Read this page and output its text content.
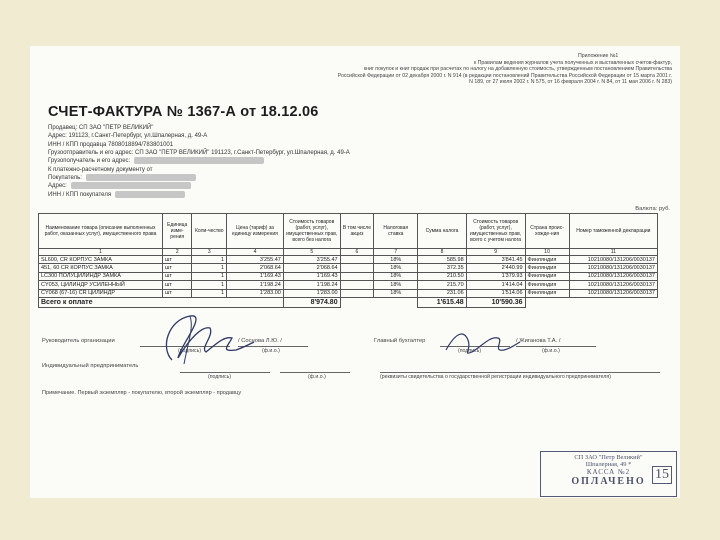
Приложение №1
к Правилам ведения журналов учета полученных и выставленных счетов-фактур,
книг покупок и книг продаж при расчетах по налогу на добавленную стоимость, утвержденным постановлением Правительства
Российской Федерации от 02 декабря 2000 г. N 914 (в редакции постановлений Правительства Российской Федерации от 15 марта 2001 г.
N 189, от 27 июля 2002 г. N 575, от 16 февраля 2004 г. N 84, от 11 мая 2006 г. N 283)
СЧЕТ-ФАКТУРА № 1367-А от 18.12.06
Продавец: СП ЗАО "ПЕТР ВЕЛИКИЙ"
Адрес: 191123, г.Санкт-Петербург, ул.Шпалерная, д. 49-А
ИНН / КПП продавца 7808018894/783801001
Грузоотправитель и его адрес: СП ЗАО "ПЕТР ВЕЛИКИЙ" 191123, г.Санкт-Петербург, ул.Шпалерная, д. 49-А
Грузополучатель и его адрес:
К платежно-расчетному документу от
Покупатель:
Адрес:
ИНН / КПП покупателя
Валюта: руб.
Наименование товара (описание выполненных работ, оказанных услуг), имущественного права	Единица изме-рения	Коли-чество	Цена (тариф) за единицу измерения	Стоимость товаров (работ, услуг), имущественных прав, всего без налога	В том числе акциз	Налоговая ставка	Сумма налога	Стоимость товаров (работ, услуг), имущественных прав, всего с учетом налога	Страна проис-хожде-ния	Номер таможенной декларации
1	2	3	4	5	6	7	8	9	10	11
SL600, CR КОРПУС ЗАМКА	шт	1	3'255.47	3'255.47		18%	585.98	3'841.45	Финляндия	10210080/131206/0030137
451, 60 CR КОРПУС ЗАМКА	шт	1	2'068.64	2'068.64		18%	372.35	2'440.99	Финляндия	10210080/131206/0030137
LC300 ПОЛУЦИЛИНДР ЗАМКА	шт	1	1'169.43	1'169.43		18%	210.50	1'379.93	Финляндия	10210080/131206/0030137
CY053, ЦИЛИНДР УСИЛЕННЫЙ	шт	1	1'198.24	1'198.24		18%	215.70	1'414.04	Финляндия	10210080/131206/0030137
CY068 (67-16) CR ЦИЛИНДР	шт	1	1'283.00	1'283.00		18%	231.06	1'514.06	Финляндия	10210080/131206/0030137
Всего к оплате				8'974.80			1'615.48	10'590.36		
Руководитель организации	/ Соснова Л.Ю. /
(подпись)	(ф.и.о.)
Главный бухгалтер	/ Жиганова Т.А. /
(подпись)	(ф.и.о.)
Индивидуальный предприниматель
(подпись)	(ф.и.о.)	(реквизиты свидетельства о государственной регистрации индивидуального предпринимателя)
Примечание. Первый экземпляр - покупателю, второй экземпляр - продавцу
СП ЗАО "Петр Великий"
Шпалерная, 49 *
КАССА №2
ОПЛАЧЕНО 15
